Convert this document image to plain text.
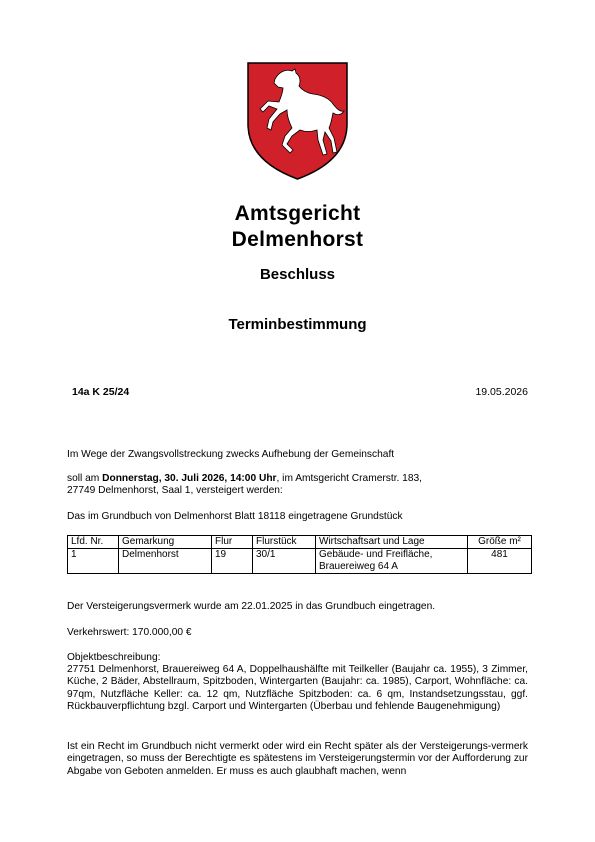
Amtsgericht
Delmenhorst
Beschluss
Terminbestimmung
14a K 25/24	19.05.2026
Im Wege der Zwangsvollstreckung zwecks Aufhebung der Gemeinschaft
soll am Donnerstag, 30. Juli 2026, 14:00 Uhr, im Amtsgericht Cramerstr. 183,
27749 Delmenhorst, Saal 1, versteigert werden:
Das im Grundbuch von Delmenhorst Blatt 18118 eingetragene Grundstück
Lfd. Nr.	Gemarkung	Flur	Flurstück	Wirtschaftsart und Lage	Größe m²
1	Delmenhorst	19	30/1	Gebäude- und Freifläche,
Brauereiweg 64 A	481
Der Versteigerungsvermerk wurde am 22.01.2025 in das Grundbuch eingetragen.
Verkehrswert: 170.000,00 €
Objektbeschreibung:
27751 Delmenhorst, Brauereiweg 64 A, Doppelhaushälfte mit Teilkeller (Baujahr ca. 1955), 3 Zimmer, Küche, 2 Bäder, Abstellraum, Spitzboden, Wintergarten (Baujahr: ca. 1985), Carport, Wohnfläche: ca. 97qm, Nutzfläche Keller: ca. 12 qm, Nutzfläche Spitzboden: ca. 6 qm, Instandsetzungsstau, ggf. Rückbauverpflichtung bzgl. Carport und Wintergarten (Überbau und fehlende Baugenehmigung)
Ist ein Recht im Grundbuch nicht vermerkt oder wird ein Recht später als der Versteigerungs-vermerk eingetragen, so muss der Berechtigte es spätestens im Versteigerungstermin vor der Aufforderung zur Abgabe von Geboten anmelden. Er muss es auch glaubhaft machen, wenn
